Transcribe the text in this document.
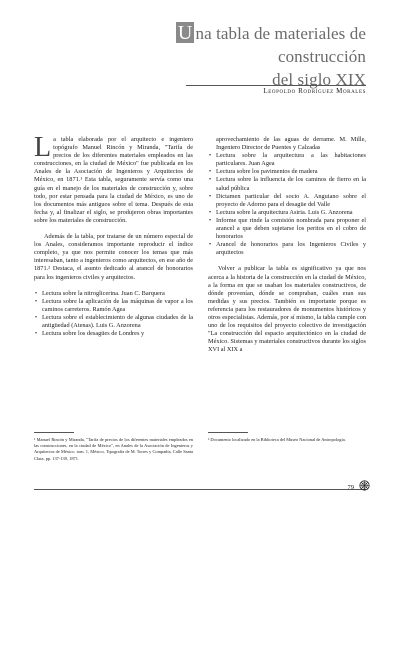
U na tabla de materiales de construcción
del siglo XIX
Leopoldo Rodríguez Morales

La tabla elaborada por el arquitecto e ingeniero topógrafo Manuel Rincón y Miranda, "Tarifa de precios de los diferentes materiales empleados en las construcciones, en la ciudad de México" fue publicada en los Anales de la Asociación de Ingenieros y Arquitectos de México, en 1871.¹ Esta tabla, seguramente servía como una guía en el manejo de los materiales de construcción y, sobre todo, por estar pensada para la ciudad de México, es uno de los documentos más antiguos sobre el tema. Después de esta fecha y, al finalizar el siglo, se produjeron obras importantes sobre los materiales de construcción.

Además de la tabla, por tratarse de un número especial de los Anales, consideramos importante reproducir el índice completo, ya que nos permite conocer los temas que más interesaban, tanto a ingenieros como arquitectos, en ese año de 1871.² Destaca, el asunto dedicado al arancel de honorarios para los ingenieros civiles y arquitectos.

• Lectura sobre la nitroglicerina. Juan C. Barquera
• Lectura sobre la aplicación de las máquinas de vapor a los caminos carreteros. Ramón Agea
• Lectura sobre el establecimiento de algunas ciudades de la antigüedad (Atenas). Luis G. Anzorena
• Lectura sobre los desagües de Londres y

aprovechamiento de las aguas de derrame. M. Mille, Ingeniero Director de Puentes y Calzadas

• Lectura sobre la arquitectura a las habitaciones particulares. Juan Agea
• Lectura sobre los pavimentos de madera
• Lectura sobre la influencia de los caminos de fierro en la salud pública
• Dictamen particular del socio A. Anguiano sobre el proyecto de Adorno para el desagüe del Valle
• Lectura sobre la arquitectura Asiria. Luis G. Anzorena
• Informe que rinde la comisión nombrada para proponer el arancel a que deben sujetarse los peritos en el cobro de honorarios
• Arancel de honorarios para los Ingenieros Civiles y arquitectos

Volver a publicar la tabla es significativo ya que nos acerca a la historia de la construcción en la ciudad de México, a la forma en que se usaban los materiales constructivos, de dónde provenían, dónde se compraban, cuáles eran sus medidas y sus precios. También es importante porque es referencia para los restauradores de monumentos históricos y otros especialistas. Además, por sí mismo, la tabla cumple con uno de los requisitos del proyecto colectivo de investigación "La construcción del espacio arquitectónico en la ciudad de México. Sistemas y materiales constructivos durante los siglos XVI al XIX a

¹ Manuel Rincón y Miranda, "Tarifa de precios de los diferentes materiales empleados en las construcciones, en la ciudad de México", en Anales de la Asociación de Ingenieros y Arquitectos de México. tom. 1, México, Tipografía de M. Torres y Compañía, Calle Santa Clara, pp. 137-139, 1871.
² Documento localizado en la Biblioteca del Museo Nacional de Antropología.
79
